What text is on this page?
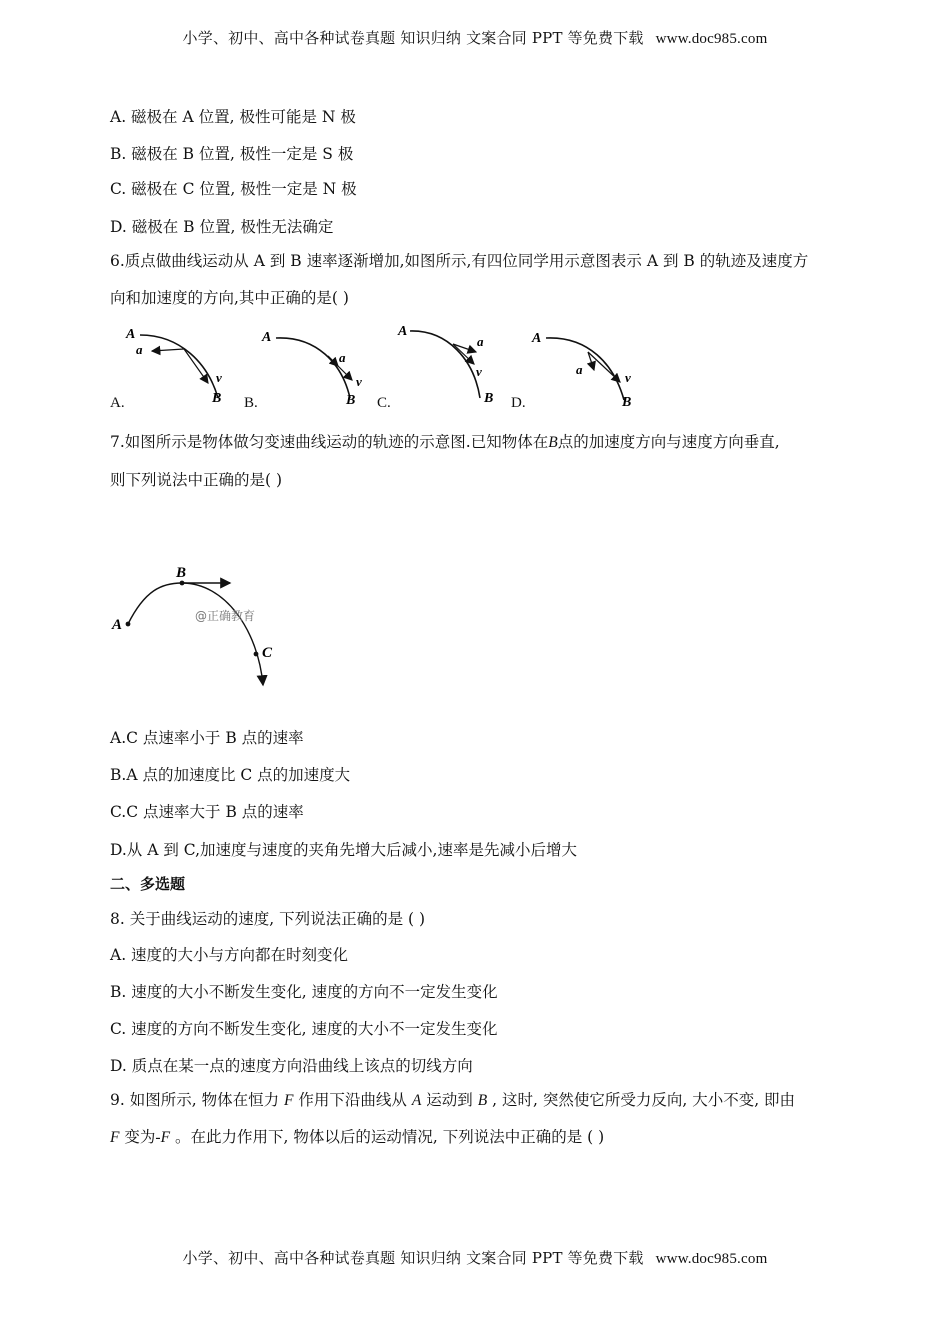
小学、初中、高中各种试卷真题 知识归纳 文案合同 PPT 等免费下载 www.doc985.com
A. 磁极在 A 位置, 极性可能是 N 极
B. 磁极在 B 位置, 极性一定是 S 极
C. 磁极在 C 位置, 极性一定是 N 极
D. 磁极在 B 位置, 极性无法确定
6.质点做曲线运动从 A 到 B 速率逐渐增加,如图所示,有四位同学用示意图表示 A 到 B 的轨迹及速度方
向和加速度的方向,其中正确的是( )
A
a
v
B
A
a
v
B
A
a
v
B
A
a
v
B
A.	B.	C.	D.
7.如图所示是物体做匀变速曲线运动的轨迹的示意图.已知物体在B点的加速度方向与速度方向垂直,
则下列说法中正确的是( )
A
B
C
@正确教育
A.C 点速率小于 B 点的速率
B.A 点的加速度比 C 点的加速度大
C.C 点速率大于 B 点的速率
D.从 A 到 C,加速度与速度的夹角先增大后减小,速率是先减小后增大
二、多选题
8. 关于曲线运动的速度, 下列说法正确的是 ( )
A. 速度的大小与方向都在时刻变化
B. 速度的大小不断发生变化, 速度的方向不一定发生变化
C. 速度的方向不断发生变化, 速度的大小不一定发生变化
D. 质点在某一点的速度方向沿曲线上该点的切线方向
9. 如图所示, 物体在恒力 F 作用下沿曲线从 A 运动到 B , 这时, 突然使它所受力反向, 大小不变, 即由
F 变为-F 。在此力作用下, 物体以后的运动情况, 下列说法中正确的是 ( )
小学、初中、高中各种试卷真题 知识归纳 文案合同 PPT 等免费下载 www.doc985.com
